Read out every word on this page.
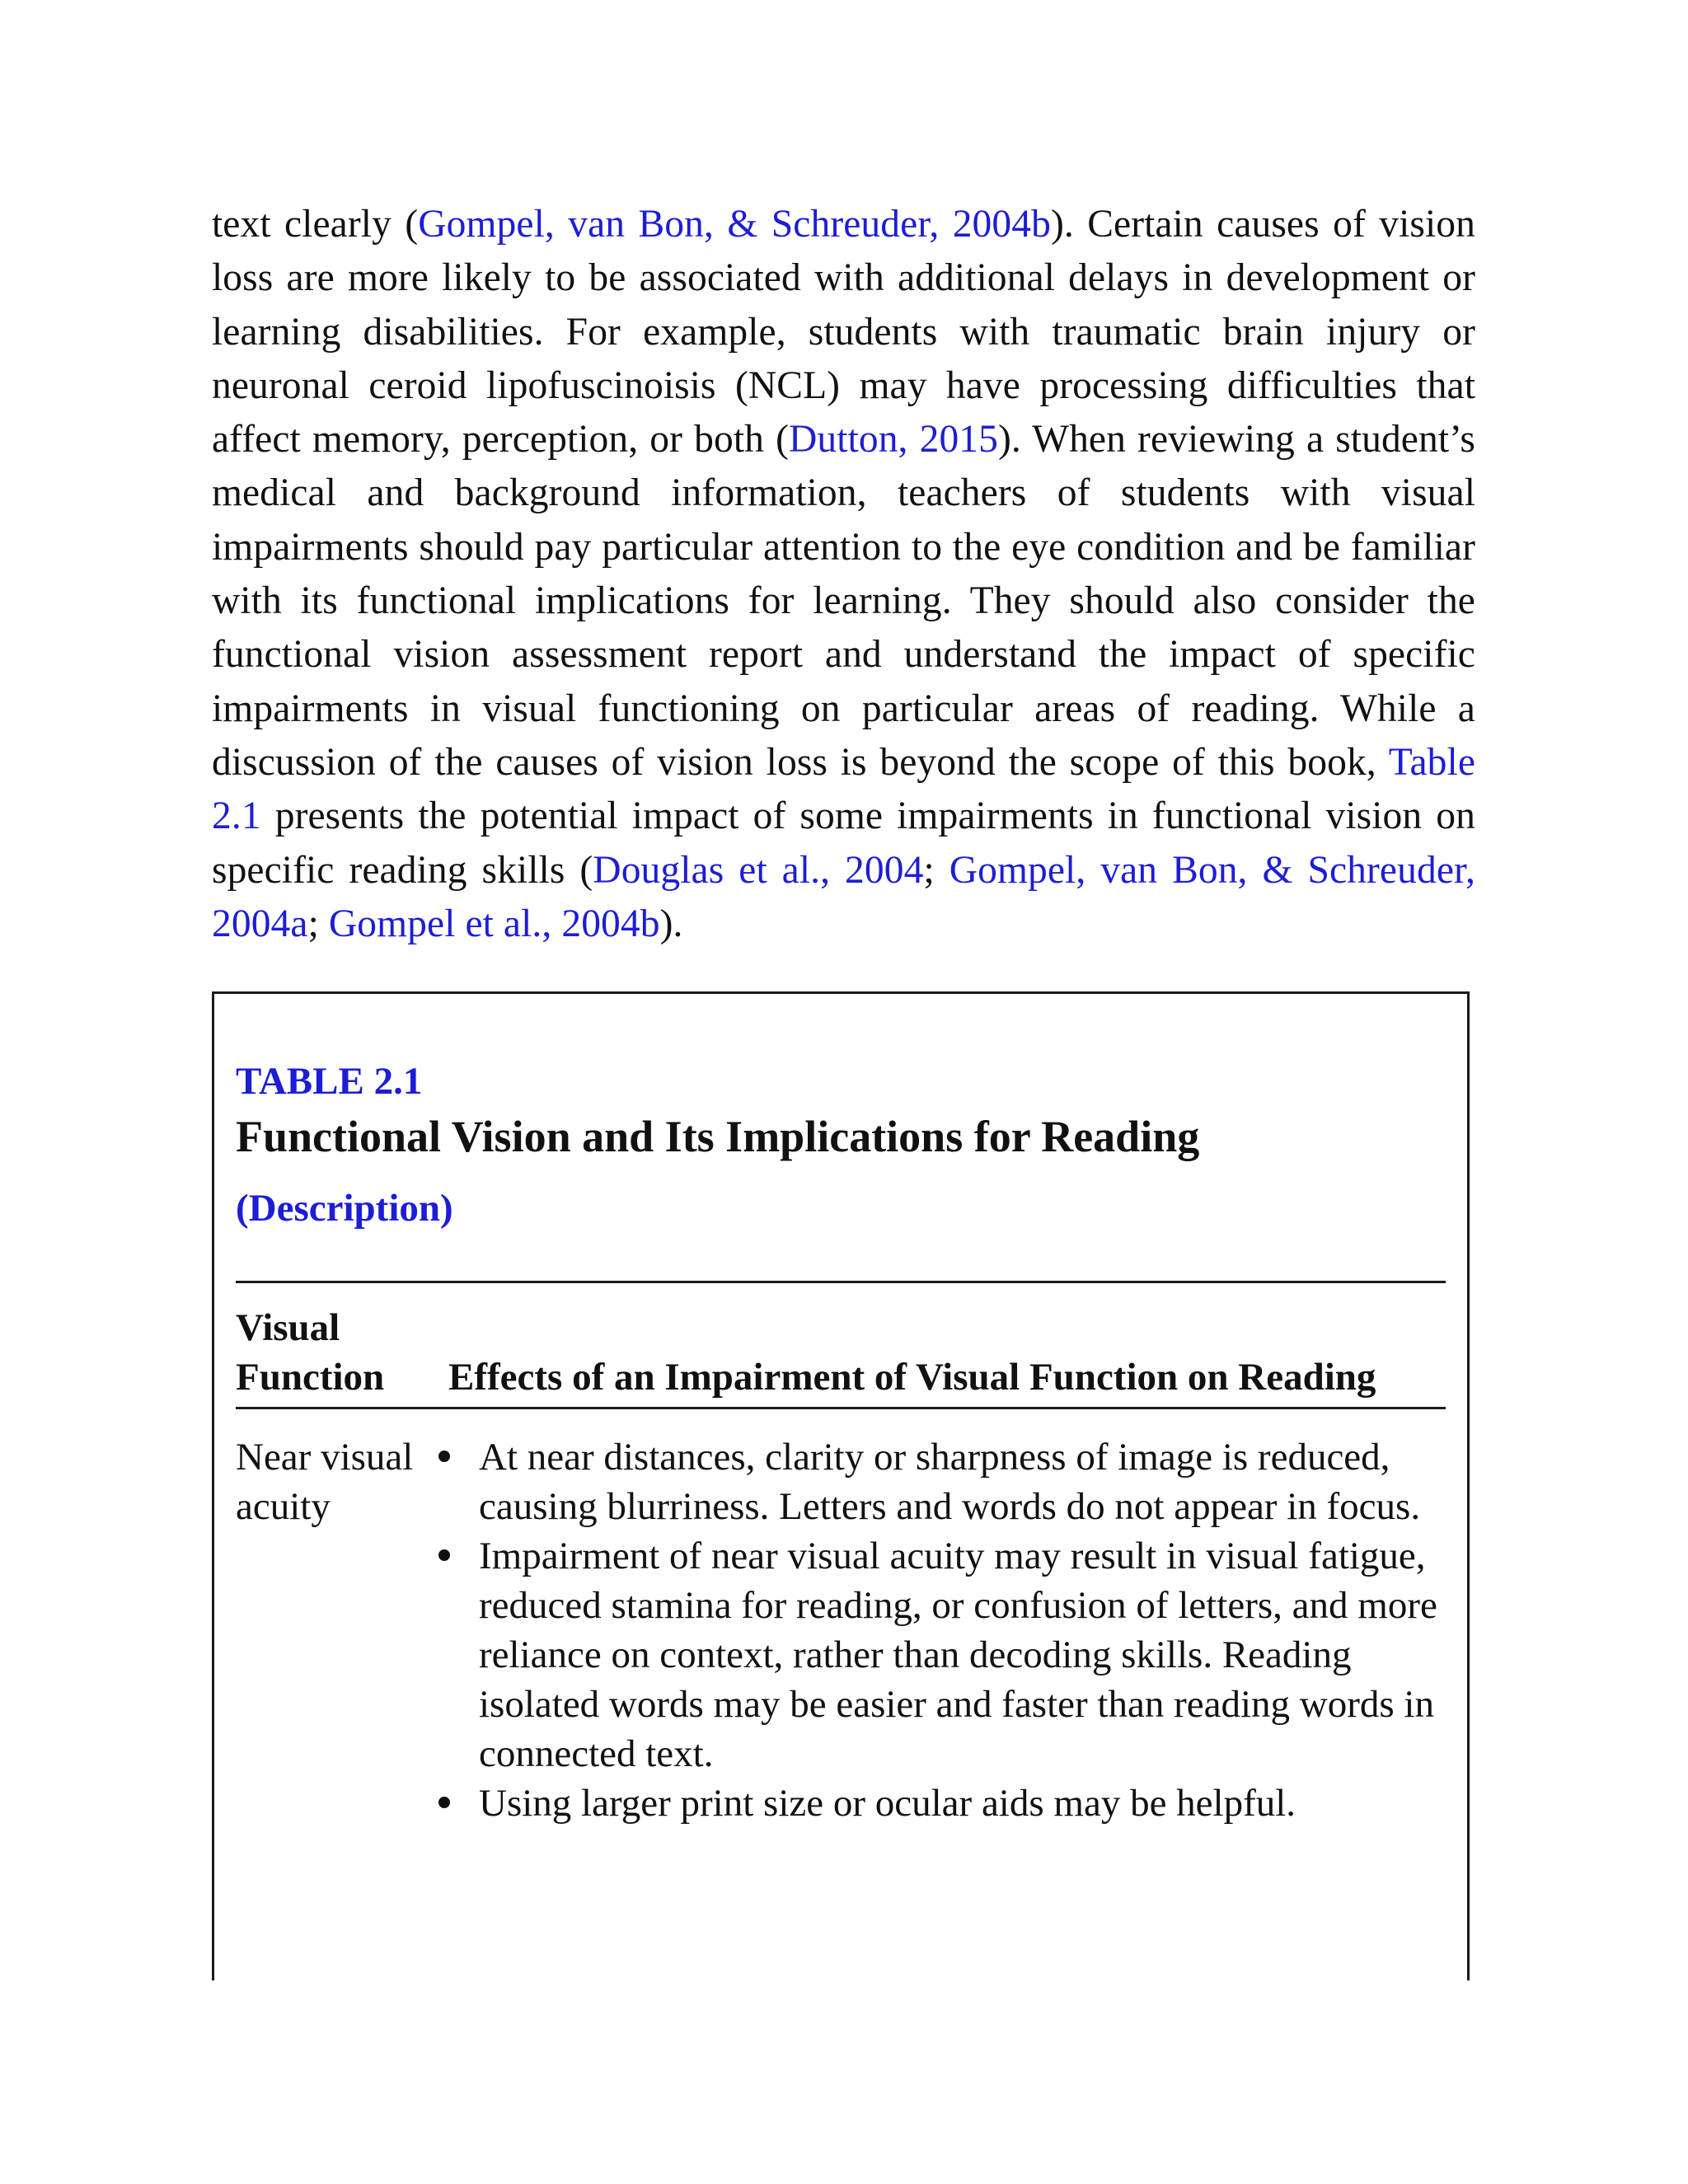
text clearly (Gompel, van Bon, & Schreuder, 2004b). Certain causes of vision loss are more likely to be associated with additional delays in development or learning disabilities. For example, students with traumatic brain injury or neuronal ceroid lipofuscinoisis (NCL) may have processing difficulties that affect memory, perception, or both (Dutton, 2015). When reviewing a student’s medical and background information, teachers of students with visual impairments should pay particular attention to the eye condition and be familiar with its functional implications for learning. They should also consider the functional vision assessment report and understand the impact of specific impairments in visual functioning on particular areas of reading. While a discussion of the causes of vision loss is beyond the scope of this book, Table 2.1 presents the potential impact of some impairments in functional vision on specific reading skills (Douglas et al., 2004; Gompel, van Bon, & Schreuder, 2004a; Gompel et al., 2004b).

TABLE 2.1

Functional Vision and Its Implications for Reading

(Description)

Visual
Function	Effects of an Impairment of Visual Function on Reading
Near visual acuity
At near distances, clarity or sharpness of image is reduced, causing blurriness. Letters and words do not appear in focus.
Impairment of near visual acuity may result in visual fatigue, reduced stamina for reading, or confusion of letters, and more reliance on context, rather than decoding skills. Reading isolated words may be easier and faster than reading words in connected text.
Using larger print size or ocular aids may be helpful.
